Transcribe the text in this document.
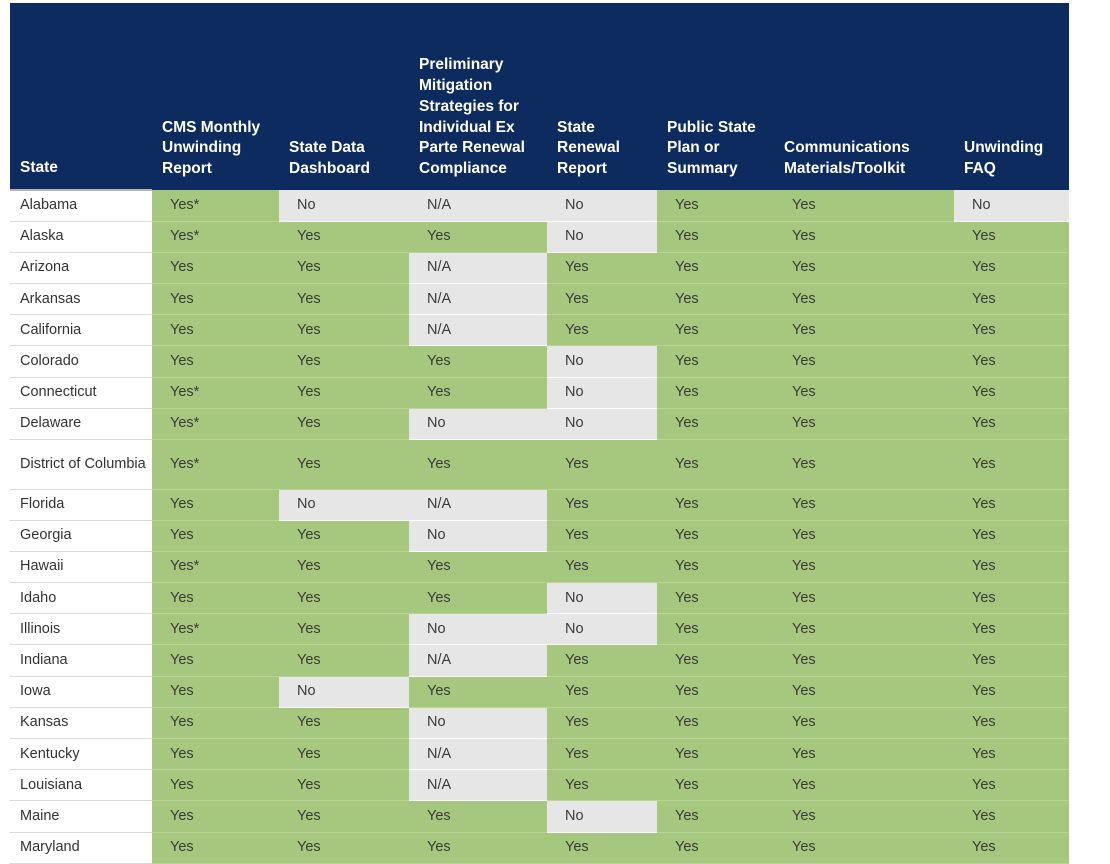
State	CMS Monthly Unwinding Report	State Data Dashboard	Preliminary Mitigation Strategies for Individual Ex Parte Renewal Compliance	State Renewal Report	Public State Plan or Summary	Communications Materials/Toolkit	Unwinding FAQ
Alabama	Yes*	No	N/A	No	Yes	Yes	No
Alaska	Yes*	Yes	Yes	No	Yes	Yes	Yes
Arizona	Yes	Yes	N/A	Yes	Yes	Yes	Yes
Arkansas	Yes	Yes	N/A	Yes	Yes	Yes	Yes
California	Yes	Yes	N/A	Yes	Yes	Yes	Yes
Colorado	Yes	Yes	Yes	No	Yes	Yes	Yes
Connecticut	Yes*	Yes	Yes	No	Yes	Yes	Yes
Delaware	Yes*	Yes	No	No	Yes	Yes	Yes
District of Columbia	Yes*	Yes	Yes	Yes	Yes	Yes	Yes
Florida	Yes	No	N/A	Yes	Yes	Yes	Yes
Georgia	Yes	Yes	No	Yes	Yes	Yes	Yes
Hawaii	Yes*	Yes	Yes	Yes	Yes	Yes	Yes
Idaho	Yes	Yes	Yes	No	Yes	Yes	Yes
Illinois	Yes*	Yes	No	No	Yes	Yes	Yes
Indiana	Yes	Yes	N/A	Yes	Yes	Yes	Yes
Iowa	Yes	No	Yes	Yes	Yes	Yes	Yes
Kansas	Yes	Yes	No	Yes	Yes	Yes	Yes
Kentucky	Yes	Yes	N/A	Yes	Yes	Yes	Yes
Louisiana	Yes	Yes	N/A	Yes	Yes	Yes	Yes
Maine	Yes	Yes	Yes	No	Yes	Yes	Yes
Maryland	Yes	Yes	Yes	Yes	Yes	Yes	Yes
